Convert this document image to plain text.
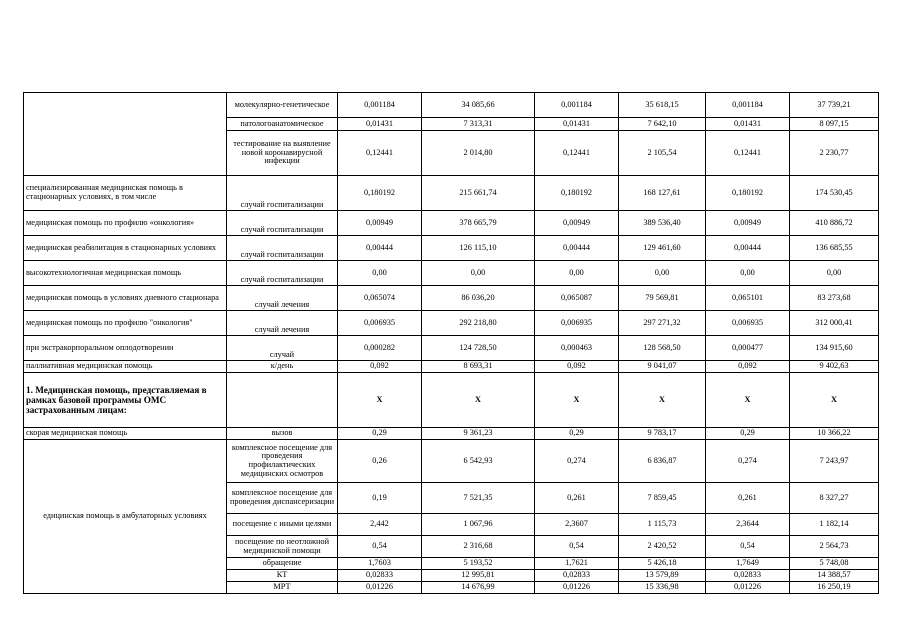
	молекулярно-генетическое	0,001184	34 085,66	0,001184	35 618,15	0,001184	37 739,21
	патологоанатомическое	0,01431	7 313,31	0,01431	7 642,10	0,01431	8 097,15
	тестирование на выявление новой коронавирусной инфекции	0,12441	2 014,80	0,12441	2 105,54	0,12441	2 230,77
специализированная медицинская помощь в стационарных условиях, в том числе	случай госпитализации	0,180192	215 661,74	0,180192	168 127,61	0,180192	174 530,45
медицинская помощь по профилю «онкология»	случай госпитализации	0,00949	378 665,79	0,00949	389 536,40	0,00949	410 886,72
медицинская реабилитация в стационарных условиях	случай госпитализации	0,00444	126 115,10	0,00444	129 461,60	0,00444	136 685,55
высокотехнологичная медицинская помощь	случай госпитализации	0,00	0,00	0,00	0,00	0,00	0,00
медицинская помощь в условиях дневного стационара	случай лечения	0,065074	86 036,20	0,065087	79 569,81	0,065101	83 273,68
медицинская помощь по профилю "онкология"	случай лечения	0,006935	292 218,80	0,006935	297 271,32	0,006935	312 000,41
при экстракорпоральном оплодотворении	случай	0,000282	124 728,50	0,000463	128 568,50	0,000477	134 915,60
паллиативная медицинская помощь	к/день	0,092	8 693,31	0,092	9 041,07	0,092	9 402,63
1. Медицинская помощь, представляемая в рамках базовой программы ОМС застрахованным лицам:		Х	Х	Х	Х	Х	Х
скорая медицинская помощь	вызов	0,29	9 361,23	0,29	9 783,17	0,29	10 366,22
едицинская помощь в амбулаторных условиях	комплексное посещение для проведения профилактических медицинских осмотров	0,26	6 542,93	0,274	6 836,87	0,274	7 243,97
	комплексное посещение для проведения диспансеризации	0,19	7 521,35	0,261	7 859,45	0,261	8 327,27
	посещение с иными целями	2,442	1 067,96	2,3607	1 115,73	2,3644	1 182,14
	посещение по неотложной медицинской помощи	0,54	2 316,68	0,54	2 420,52	0,54	2 564,73
	обращение	1,7603	5 193,52	1,7621	5 426,18	1,7649	5 748,08
	КТ	0,02833	12 995,81	0,02833	13 579,89	0,02833	14 388,57
	МРТ	0,01226	14 676,99	0,01226	15 336,98	0,01226	16 250,19
